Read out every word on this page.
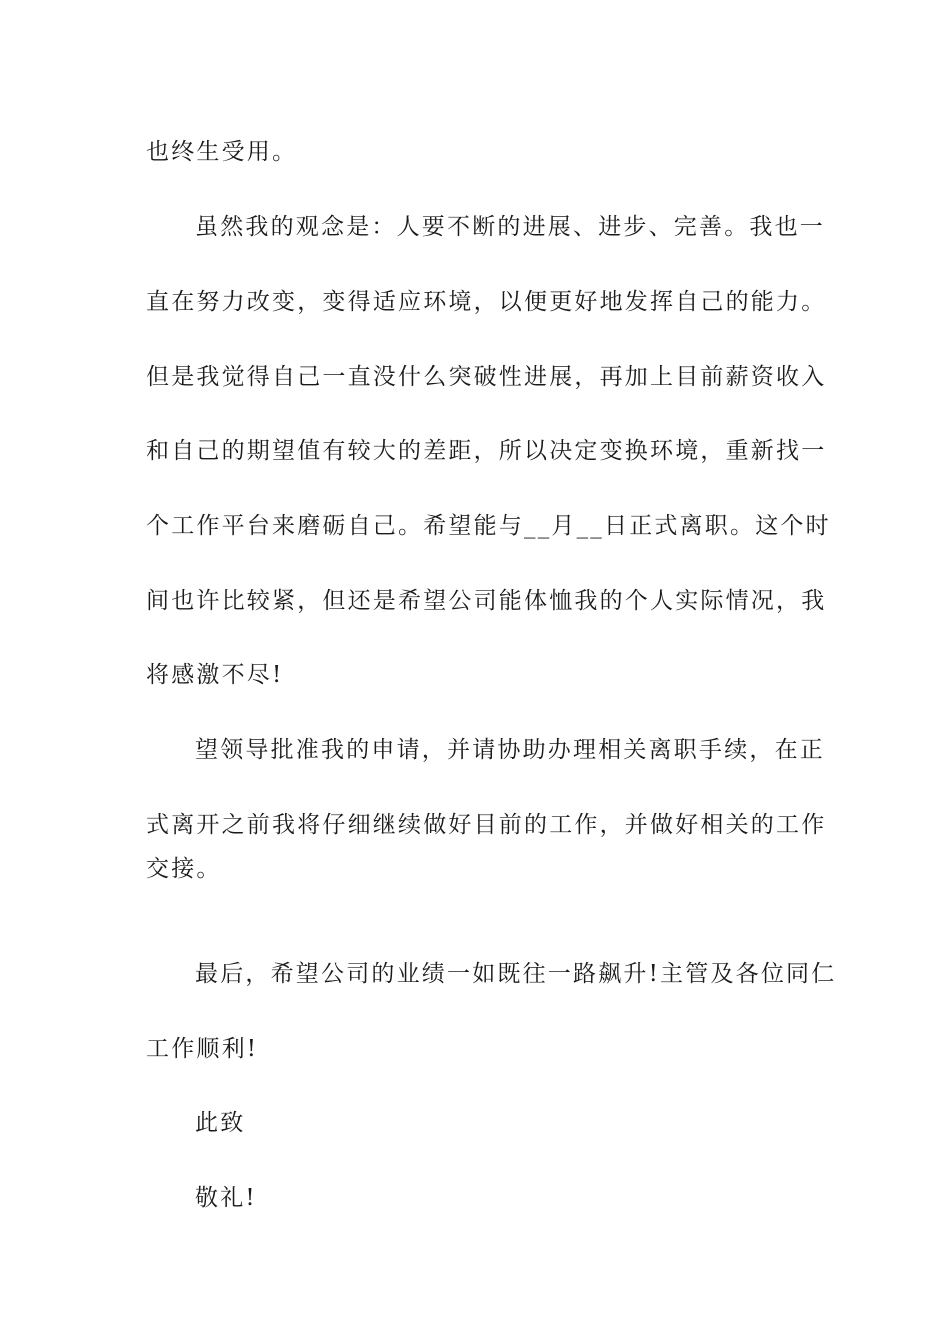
也终生受用。
虽然我的观念是：人要不断的进展、进步、完善。我也一
直在努力改变，变得适应环境，以便更好地发挥自己的能力。
但是我觉得自己一直没什么突破性进展，再加上目前薪资收入
和自己的期望值有较大的差距，所以决定变换环境，重新找一
个工作平台来磨砺自己。希望能与__月__日正式离职。这个时
间也许比较紧，但还是希望公司能体恤我的个人实际情况，我
将感激不尽!
望领导批准我的申请，并请协助办理相关离职手续，在正
式离开之前我将仔细继续做好目前的工作，并做好相关的工作
交接。
最后，希望公司的业绩一如既往一路飙升!主管及各位同仁
工作顺利!
此致
敬礼!
